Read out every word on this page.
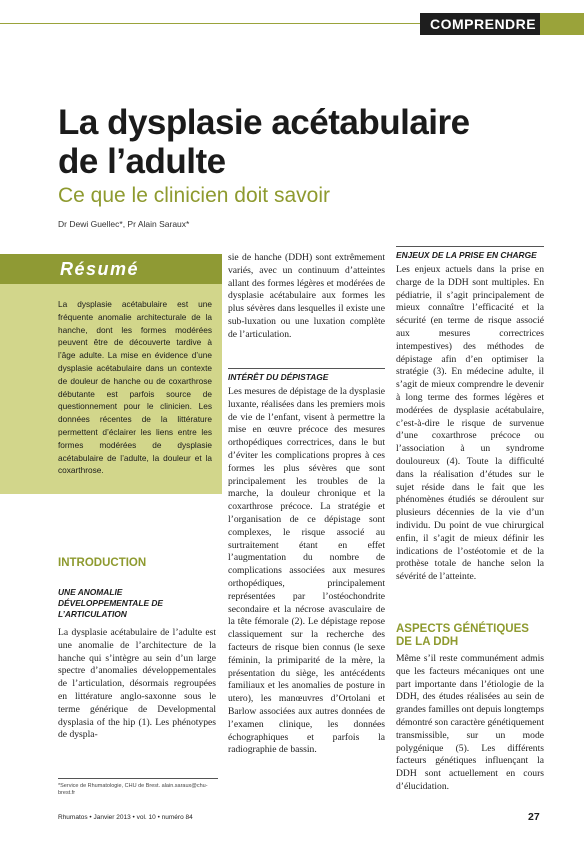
COMPRENDRE
La dysplasie acétabulaire
de l’adulte
Ce que le clinicien doit savoir
Dr Dewi Guellec*, Pr Alain Saraux*
Résumé
La dysplasie acétabulaire est une fréquente anomalie architecturale de la hanche, dont les formes modérées peuvent être de découverte tardive à l’âge adulte. La mise en évidence d’une dysplasie acétabulaire dans un contexte de douleur de hanche ou de coxarthrose débutante est parfois source de questionnement pour le clinicien. Les données récentes de la littérature permettent d’éclairer les liens entre les formes modérées de dysplasie acétabulaire de l’adulte, la douleur et la coxarthrose.
INTRODUCTION
UNE ANOMALIE DÉVELOPPEMENTALE DE L’ARTICULATION
La dysplasie acétabulaire de l’adulte est une anomalie de l’architecture de la hanche qui s’intègre au sein d’un large spectre d’anomalies développementales de l’articulation, désormais regroupées en littérature anglo-saxonne sous le terme générique de Developmental dysplasia of the hip (1). Les phénotypes de dyspla-
*Service de Rhumatologie, CHU de Brest. alain.saraux@chu-brest.fr
sie de hanche (DDH) sont extrêmement variés, avec un continuum d’atteintes allant des formes légères et modérées de dysplasie acétabulaire aux formes les plus sévères dans lesquelles il existe une sub-luxation ou une luxation complète de l’articulation.
INTÉRÊT DU DÉPISTAGE
Les mesures de dépistage de la dysplasie luxante, réalisées dans les premiers mois de vie de l’enfant, visent à permettre la mise en œuvre précoce des mesures orthopédiques correctrices, dans le but d’éviter les complications propres à ces formes les plus sévères que sont principalement les troubles de la marche, la douleur chronique et la coxarthrose précoce. La stratégie et l’organisation de ce dépistage sont complexes, le risque associé au surtraitement étant en effet l’augmentation du nombre de complications associées aux mesures orthopédiques, principalement représentées par l’ostéochondrite secondaire et la nécrose avasculaire de la tête fémorale (2). Le dépistage repose classiquement sur la recherche des facteurs de risque bien connus (le sexe féminin, la primiparité de la mère, la présentation du siège, les antécédents familiaux et les anomalies de posture in utero), les manœuvres d’Ortolani et Barlow associées aux autres données de l’examen clinique, les données échographiques et parfois la radiographie de bassin.
ENJEUX DE LA PRISE EN CHARGE
Les enjeux actuels dans la prise en charge de la DDH sont multiples. En pédiatrie, il s’agit principalement de mieux connaître l’efficacité et la sécurité (en terme de risque associé aux mesures correctrices intempestives) des méthodes de dépistage afin d’en optimiser la stratégie (3). En médecine adulte, il s’agit de mieux comprendre le devenir à long terme des formes légères et modérées de dysplasie acétabulaire, c’est-à-dire le risque de survenue d’une coxarthrose précoce ou l’association à un syndrome douloureux (4). Toute la difficulté dans la réalisation d’études sur le sujet réside dans le fait que les phénomènes étudiés se déroulent sur plusieurs décennies de la vie d’un individu. Du point de vue chirurgical enfin, il s’agit de mieux définir les indications de l’ostéotomie et de la prothèse totale de hanche selon la sévérité de l’atteinte.
ASPECTS GÉNÉTIQUES
DE LA DDH
Même s’il reste communément admis que les facteurs mécaniques ont une part importante dans l’étiologie de la DDH, des études réalisées au sein de grandes familles ont depuis longtemps démontré son caractère génétiquement transmissible, sur un mode polygénique (5). Les différents facteurs génétiques influençant la DDH sont actuellement en cours d’élucidation.
Rhumatos • Janvier 2013 • vol. 10 • numéro 84	27
